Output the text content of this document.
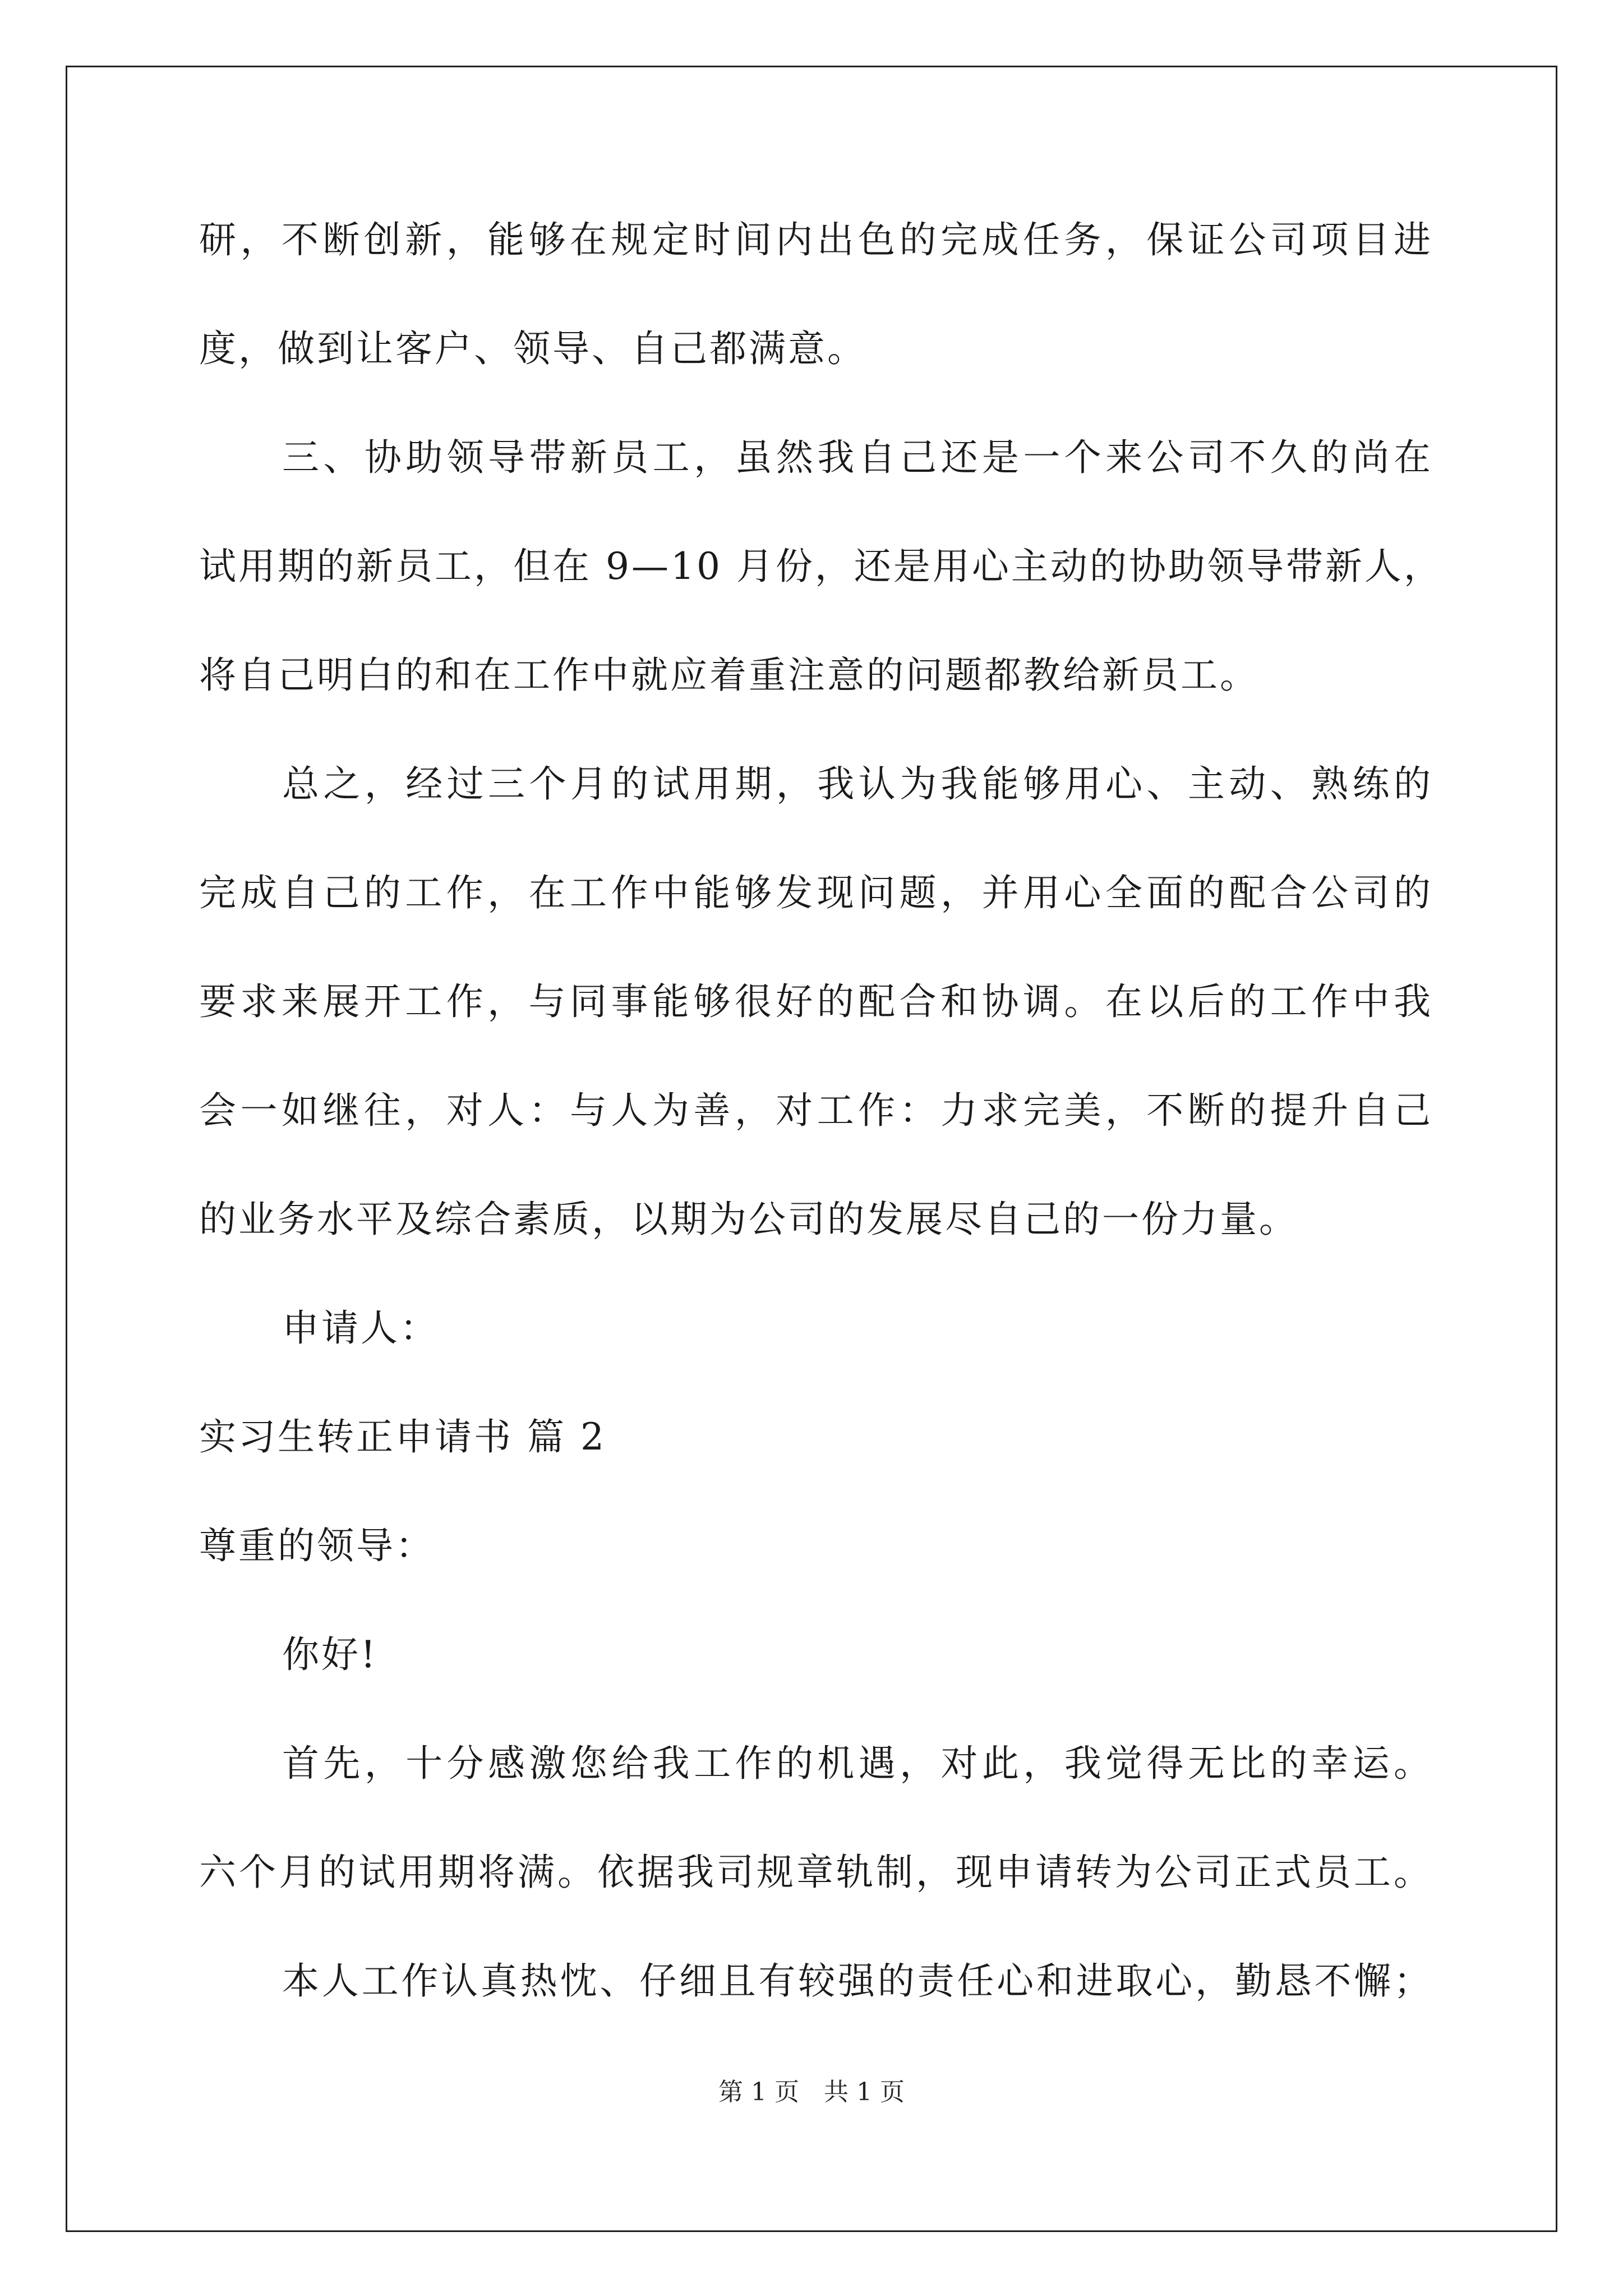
研，不断创新，能够在规定时间内出色的完成任务，保证公司项目进
度，做到让客户、领导、自己都满意。
三、协助领导带新员工，虽然我自己还是一个来公司不久的尚在
试用期的新员工，但在 9—10 月份，还是用心主动的协助领导带新人，
将自己明白的和在工作中就应着重注意的问题都教给新员工。
总之，经过三个月的试用期，我认为我能够用心、主动、熟练的
完成自己的工作，在工作中能够发现问题，并用心全面的配合公司的
要求来展开工作，与同事能够很好的配合和协调。在以后的工作中我
会一如继往，对人：与人为善，对工作：力求完美，不断的提升自己
的业务水平及综合素质，以期为公司的发展尽自己的一份力量。
申请人：
实习生转正申请书 篇 2
尊重的领导：
你好!
首先，十分感激您给我工作的机遇，对此，我觉得无比的幸运。
六个月的试用期将满。依据我司规章轨制，现申请转为公司正式员工。
本人工作认真热忱、仔细且有较强的责任心和进取心，勤恳不懈；
第 1 页　共 1 页
